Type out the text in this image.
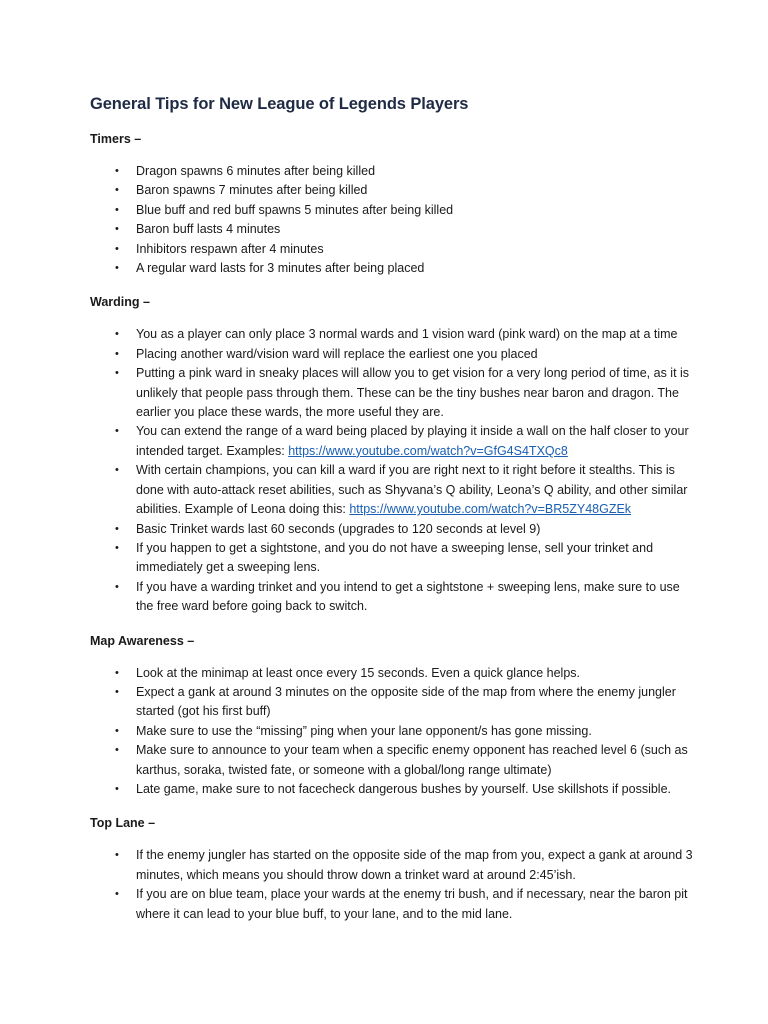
General Tips for New League of Legends Players
Timers –
• Dragon spawns 6 minutes after being killed
• Baron spawns 7 minutes after being killed
• Blue buff and red buff spawns 5 minutes after being killed
• Baron buff lasts 4 minutes
• Inhibitors respawn after 4 minutes
• A regular ward lasts for 3 minutes after being placed
Warding –
• You as a player can only place 3 normal wards and 1 vision ward (pink ward) on the map at a time
• Placing another ward/vision ward will replace the earliest one you placed
• Putting a pink ward in sneaky places will allow you to get vision for a very long period of time, as it is unlikely that people pass through them. These can be the tiny bushes near baron and dragon. The earlier you place these wards, the more useful they are.
• You can extend the range of a ward being placed by playing it inside a wall on the half closer to your intended target. Examples: https://www.youtube.com/watch?v=GfG4S4TXQc8
• With certain champions, you can kill a ward if you are right next to it right before it stealths. This is done with auto-attack reset abilities, such as Shyvana’s Q ability, Leona’s Q ability, and other similar abilities. Example of Leona doing this: https://www.youtube.com/watch?v=BR5ZY48GZEk
• Basic Trinket wards last 60 seconds (upgrades to 120 seconds at level 9)
• If you happen to get a sightstone, and you do not have a sweeping lense, sell your trinket and immediately get a sweeping lens.
• If you have a warding trinket and you intend to get a sightstone + sweeping lens, make sure to use the free ward before going back to switch.
Map Awareness –
• Look at the minimap at least once every 15 seconds. Even a quick glance helps.
• Expect a gank at around 3 minutes on the opposite side of the map from where the enemy jungler started (got his first buff)
• Make sure to use the “missing” ping when your lane opponent/s has gone missing.
• Make sure to announce to your team when a specific enemy opponent has reached level 6 (such as karthus, soraka, twisted fate, or someone with a global/long range ultimate)
• Late game, make sure to not facecheck dangerous bushes by yourself. Use skillshots if possible.
Top Lane –
• If the enemy jungler has started on the opposite side of the map from you, expect a gank at around 3 minutes, which means you should throw down a trinket ward at around 2:45’ish.
• If you are on blue team, place your wards at the enemy tri bush, and if necessary, near the baron pit where it can lead to your blue buff, to your lane, and to the mid lane.
